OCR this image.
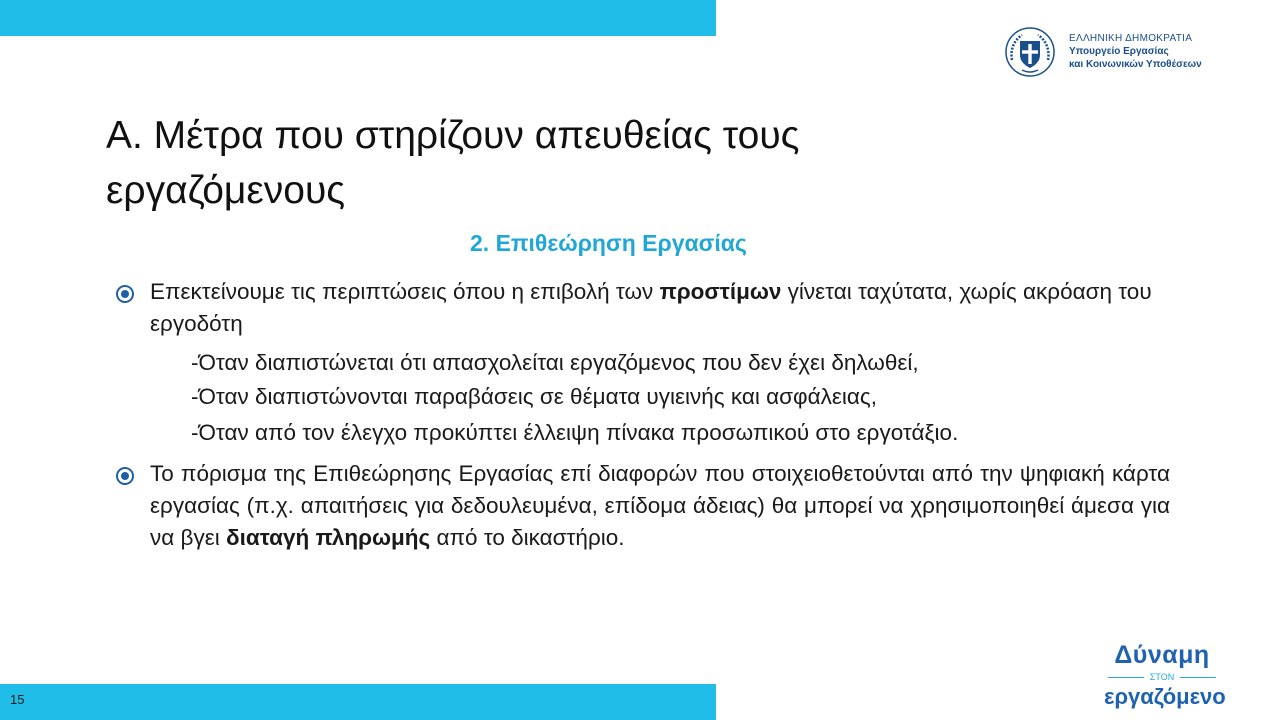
ΕΛΛΗΝΙΚΗ ΔΗΜΟΚΡΑΤΙΑ
Υπουργείο Εργασίας
και Κοινωνικών Υποθέσεων
Α. Μέτρα που στηρίζουν απευθείας τους εργαζόμενους
2. Επιθεώρηση Εργασίας
Επεκτείνουμε τις περιπτώσεις όπου η επιβολή των προστίμων γίνεται ταχύτατα, χωρίς ακρόαση του εργοδότη
-Όταν διαπιστώνεται ότι απασχολείται εργαζόμενος που δεν έχει δηλωθεί,
-Όταν διαπιστώνονται παραβάσεις σε θέματα υγιεινής και ασφάλειας,
-Όταν από τον έλεγχο προκύπτει έλλειψη πίνακα προσωπικού στο εργοτάξιο.
Το πόρισμα της Επιθεώρησης Εργασίας επί διαφορών που στοιχειοθετούνται από την ψηφιακή κάρτα εργασίας (π.χ. απαιτήσεις για δεδουλευμένα, επίδομα άδειας) θα μπορεί να χρησιμοποιηθεί άμεσα για να βγει διαταγή πληρωμής από το δικαστήριο.
Δύναμη
ΣΤΟΝ
εργαζόμενο
15
